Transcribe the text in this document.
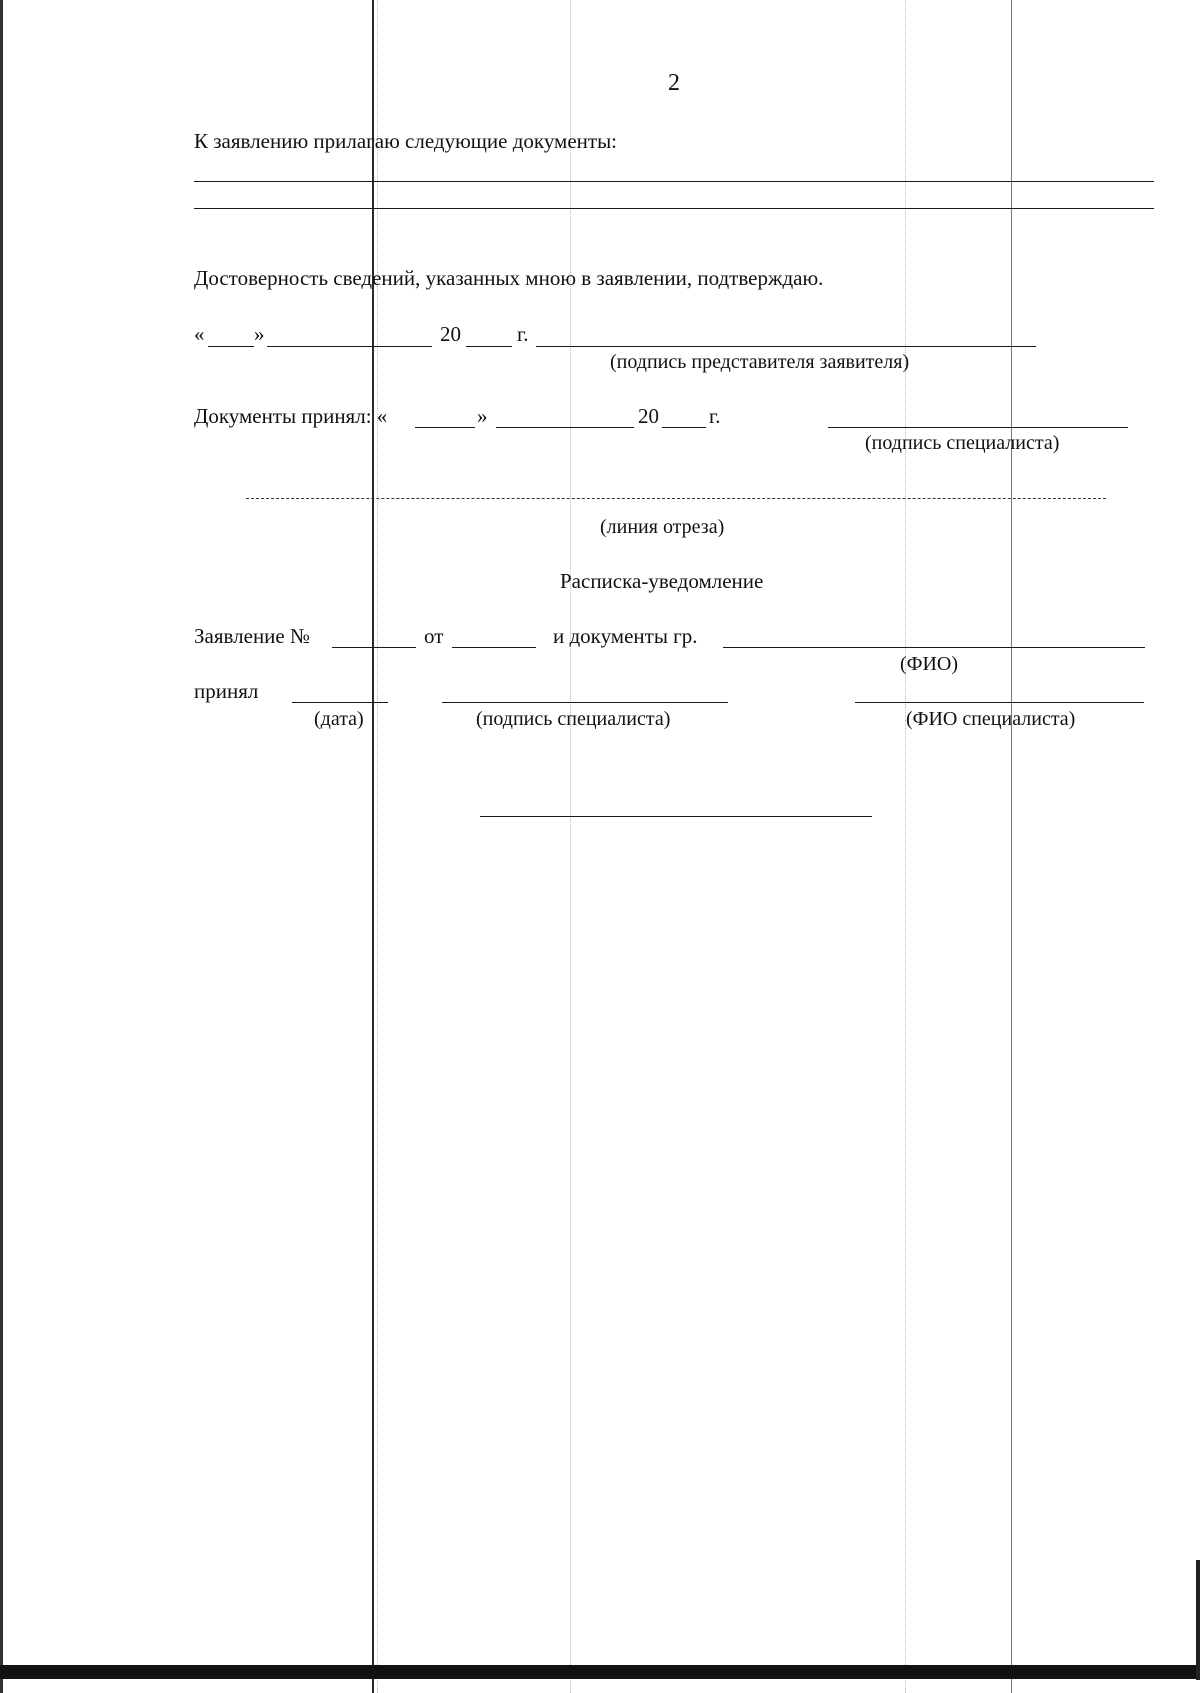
2
К заявлению прилагаю следующие документы:
Достоверность сведений, указанных мною в заявлении, подтверждаю.
« »	20	г.
(подпись представителя заявителя)
Документы принял: «	»	20 г.
(подпись специалиста)
(линия отреза)
Расписка-уведомление
Заявление №	от	и документы гр.
(ФИО)
принял
(дата)	(подпись специалиста)	(ФИО специалиста)
